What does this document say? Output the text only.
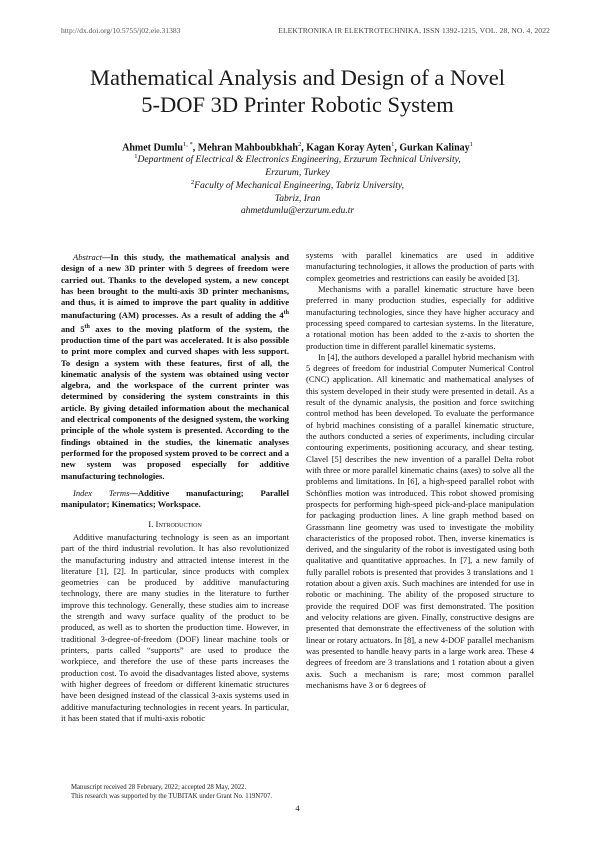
http://dx.doi.org/10.5755/j02.eie.31383	ELEKTRONIKA IR ELEKTROTECHNIKA, ISSN 1392-1215, VOL. 28, NO. 4, 2022
Mathematical Analysis and Design of a Novel
5-DOF 3D Printer Robotic System
Ahmet Dumlu$^{1, *}$, Mehran Mahboubkhah$^2$, Kagan Koray Ayten$^1$, Gurkan Kalinay$^1$
$^1$Department of Electrical & Electronics Engineering, Erzurum Technical University,
Erzurum, Turkey
$^2$Faculty of Mechanical Engineering, Tabriz University,
Tabriz, Iran
ahmetdumlu@erzurum.edu.tr

Abstract—In this study, the mathematical analysis and design of a new 3D printer with 5 degrees of freedom were carried out. Thanks to the developed system, a new concept has been brought to the multi-axis 3D printer mechanisms, and thus, it is aimed to improve the part quality in additive manufacturing (AM) processes. As a result of adding the 4th and 5th axes to the moving platform of the system, the production time of the part was accelerated. It is also possible to print more complex and curved shapes with less support. To design a system with these features, first of all, the kinematic analysis of the system was obtained using vector algebra, and the workspace of the current printer was determined by considering the system constraints in this article. By giving detailed information about the mechanical and electrical components of the designed system, the working principle of the whole system is presented. According to the findings obtained in the studies, the kinematic analyses performed for the proposed system proved to be correct and a new system was proposed especially for additive manufacturing technologies.

Index Terms—Additive manufacturing; Parallel manipulator; Kinematics; Workspace.

I. Introduction

Additive manufacturing technology is seen as an important part of the third industrial revolution. It has also revolutionized the manufacturing industry and attracted intense interest in the literature [1], [2]. In particular, since products with complex geometries can be produced by additive manufacturing technology, there are many studies in the literature to further improve this technology. Generally, these studies aim to increase the strength and wavy surface quality of the product to be produced, as well as to shorten the production time. However, in traditional 3-degree-of-freedom (DOF) linear machine tools or printers, parts called “supports” are used to produce the workpiece, and therefore the use of these parts increases the production cost. To avoid the disadvantages listed above, systems with higher degrees of freedom or different kinematic structures have been designed instead of the classical 3-axis systems used in additive manufacturing technologies in recent years. In particular, it has been stated that if multi-axis robotic

systems with parallel kinematics are used in additive manufacturing technologies, it allows the production of parts with complex geometries and restrictions can easily be avoided [3].

Mechanisms with a parallel kinematic structure have been preferred in many production studies, especially for additive manufacturing technologies, since they have higher accuracy and processing speed compared to cartesian systems. In the literature, a rotational motion has been added to the z-axis to shorten the production time in different parallel kinematic systems.

In [4], the authors developed a parallel hybrid mechanism with 5 degrees of freedom for industrial Computer Numerical Control (CNC) application. All kinematic and mathematical analyses of this system developed in their study were presented in detail. As a result of the dynamic analysis, the position and force switching control method has been developed. To evaluate the performance of hybrid machines consisting of a parallel kinematic structure, the authors conducted a series of experiments, including circular contouring experiments, positioning accuracy, and shear testing. Clavel [5] describes the new invention of a parallel Delta robot with three or more parallel kinematic chains (axes) to solve all the problems and limitations. In [6], a high-speed parallel robot with Schönflies motion was introduced. This robot showed promising prospects for performing high-speed pick-and-place manipulation for packaging production lines. A line graph method based on Grassmann line geometry was used to investigate the mobility characteristics of the proposed robot. Then, inverse kinematics is derived, and the singularity of the robot is investigated using both qualitative and quantitative approaches. In [7], a new family of fully parallel robots is presented that provides 3 translations and 1 rotation about a given axis. Such machines are intended for use in robotic or machining. The ability of the proposed structure to provide the required DOF was first demonstrated. The position and velocity relations are given. Finally, constructive designs are presented that demonstrate the effectiveness of the solution with linear or rotary actuators. In [8], a new 4-DOF parallel mechanism was presented to handle heavy parts in a large work area. These 4 degrees of freedom are 3 translations and 1 rotation about a given axis. Such a mechanism is rare; most common parallel mechanisms have 3 or 6 degrees of

Manuscript received 28 February, 2022; accepted 28 May, 2022.

This research was supported by the TUBITAK under Grant No. 119N707.

4
